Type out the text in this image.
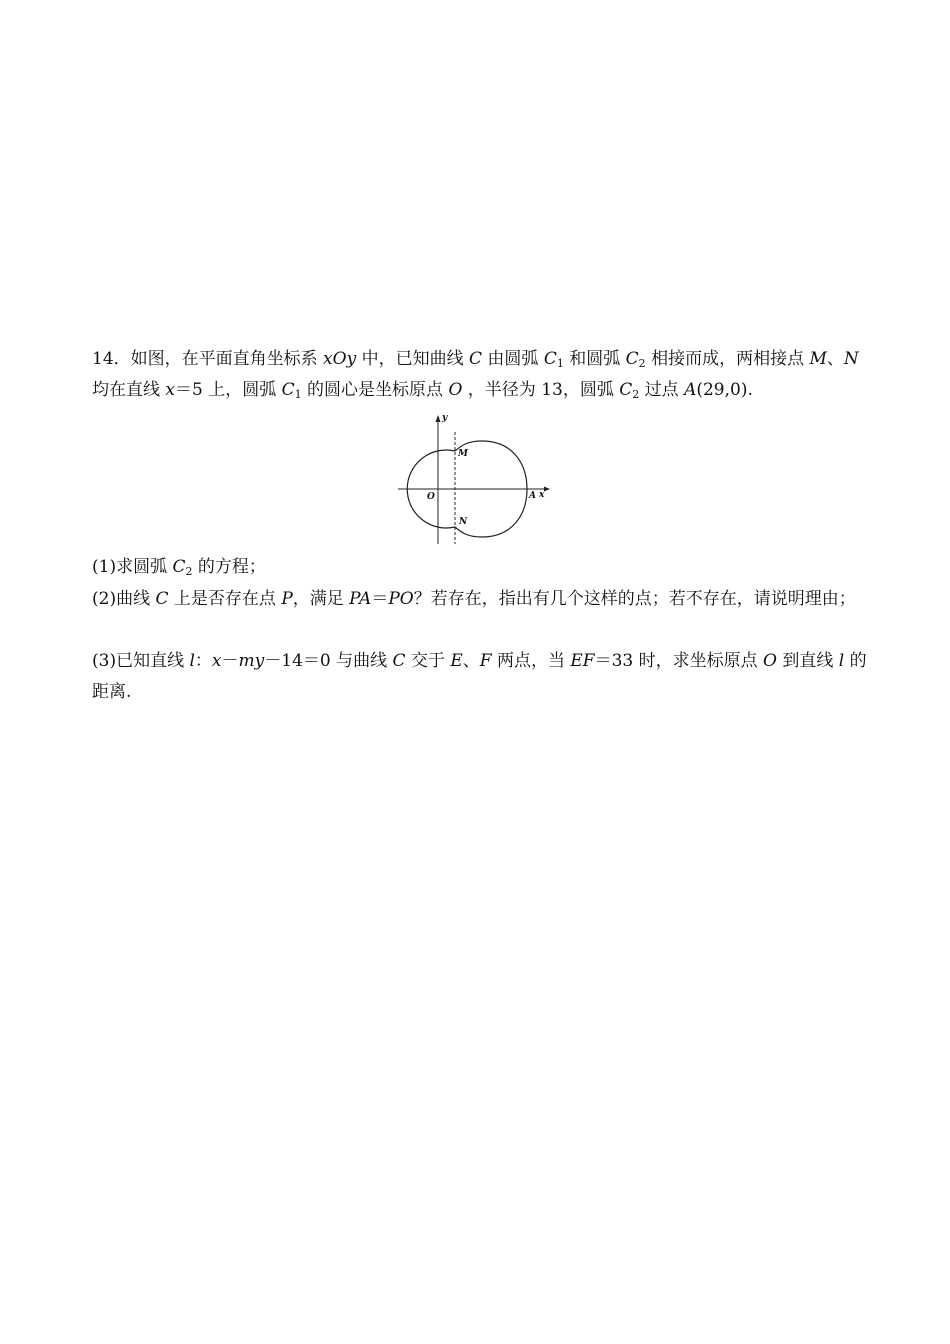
14．如图，在平面直角坐标系 xOy 中，已知曲线 C 由圆弧 $C_1$ 和圆弧 $C_2$ 相接而成，两相接点 M、N 均在直线 x＝5 上，圆弧 $C_1$ 的圆心是坐标原点 O ，半径为 13，圆弧 $C_2$ 过点 A(29,0).

y
x
O	A
M
N

(1)求圆弧 $C_2$ 的方程；

(2)曲线 C 上是否存在点 P，满足 PA＝PO？若存在，指出有几个这样的点；若不存在，请说明理由；

(3)已知直线 l：x－my－14＝0 与曲线 C 交于 E、F 两点，当 EF＝33 时，求坐标原点 O 到直线 l 的距离.
